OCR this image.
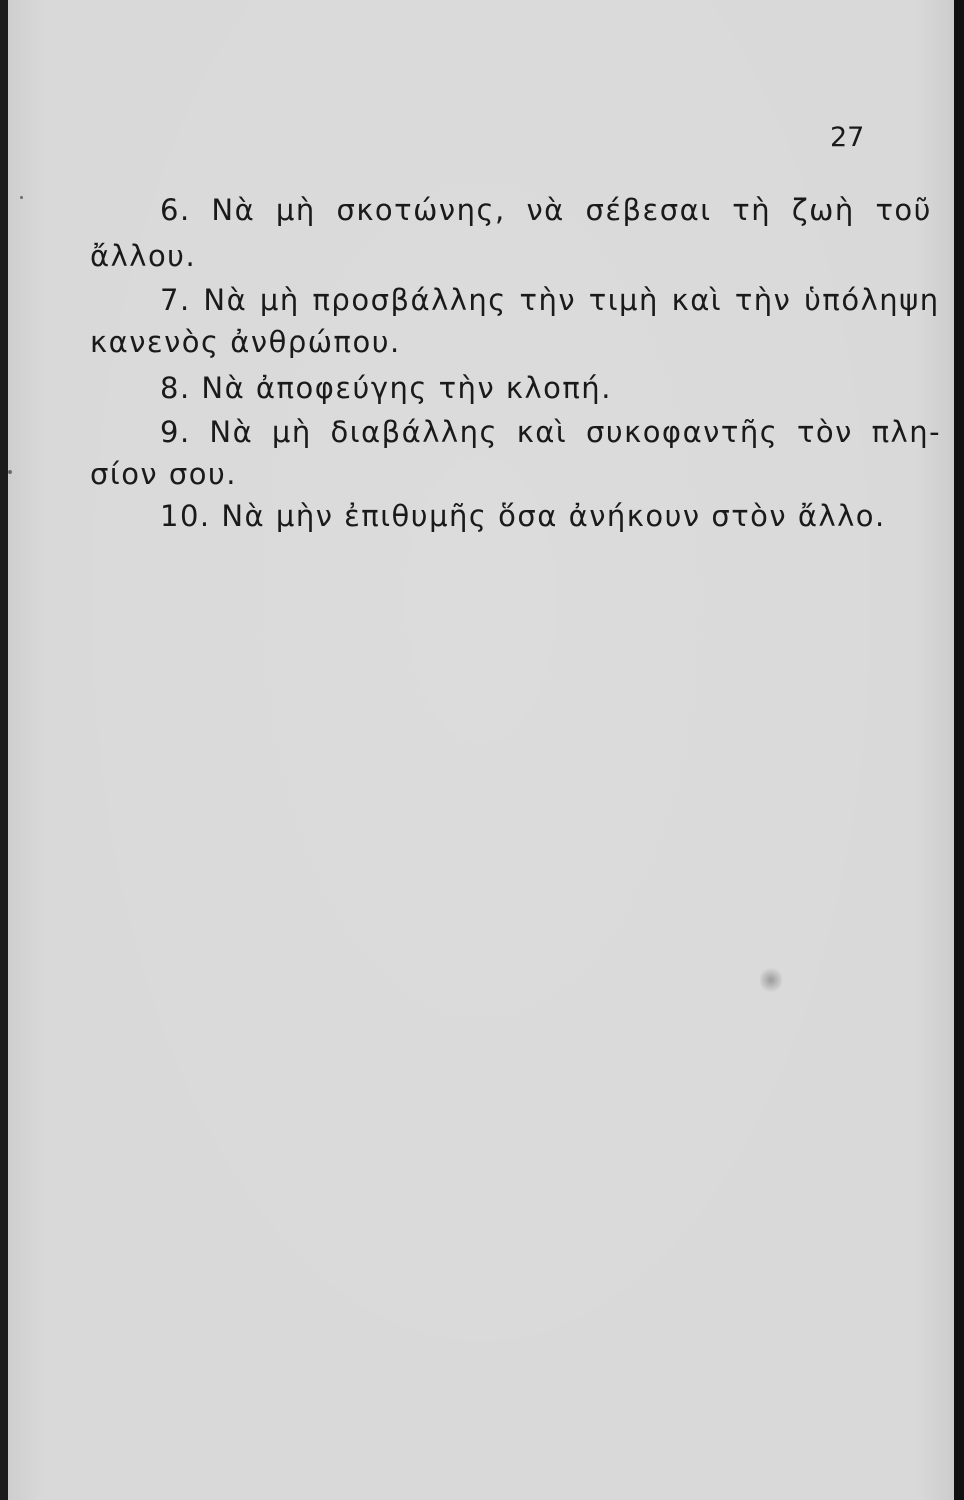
27
6. Νὰ μὴ σκοτώνης, νὰ σέβεσαι τὴ ζωὴ τοῦ
ἄλλου.
7. Νὰ μὴ προσβάλλης τὴν τιμὴ καὶ τὴν ὑπόληψη
κανενὸς ἀνθρώπου.
8. Νὰ ἀποφεύγης τὴν κλοπή.
9. Νὰ μὴ διαβάλλης καὶ συκοφαντῆς τὸν πλη-
σίον σου.
10. Νὰ μὴν ἐπιθυμῆς ὅσα ἀνήκουν στὸν ἄλλο.
